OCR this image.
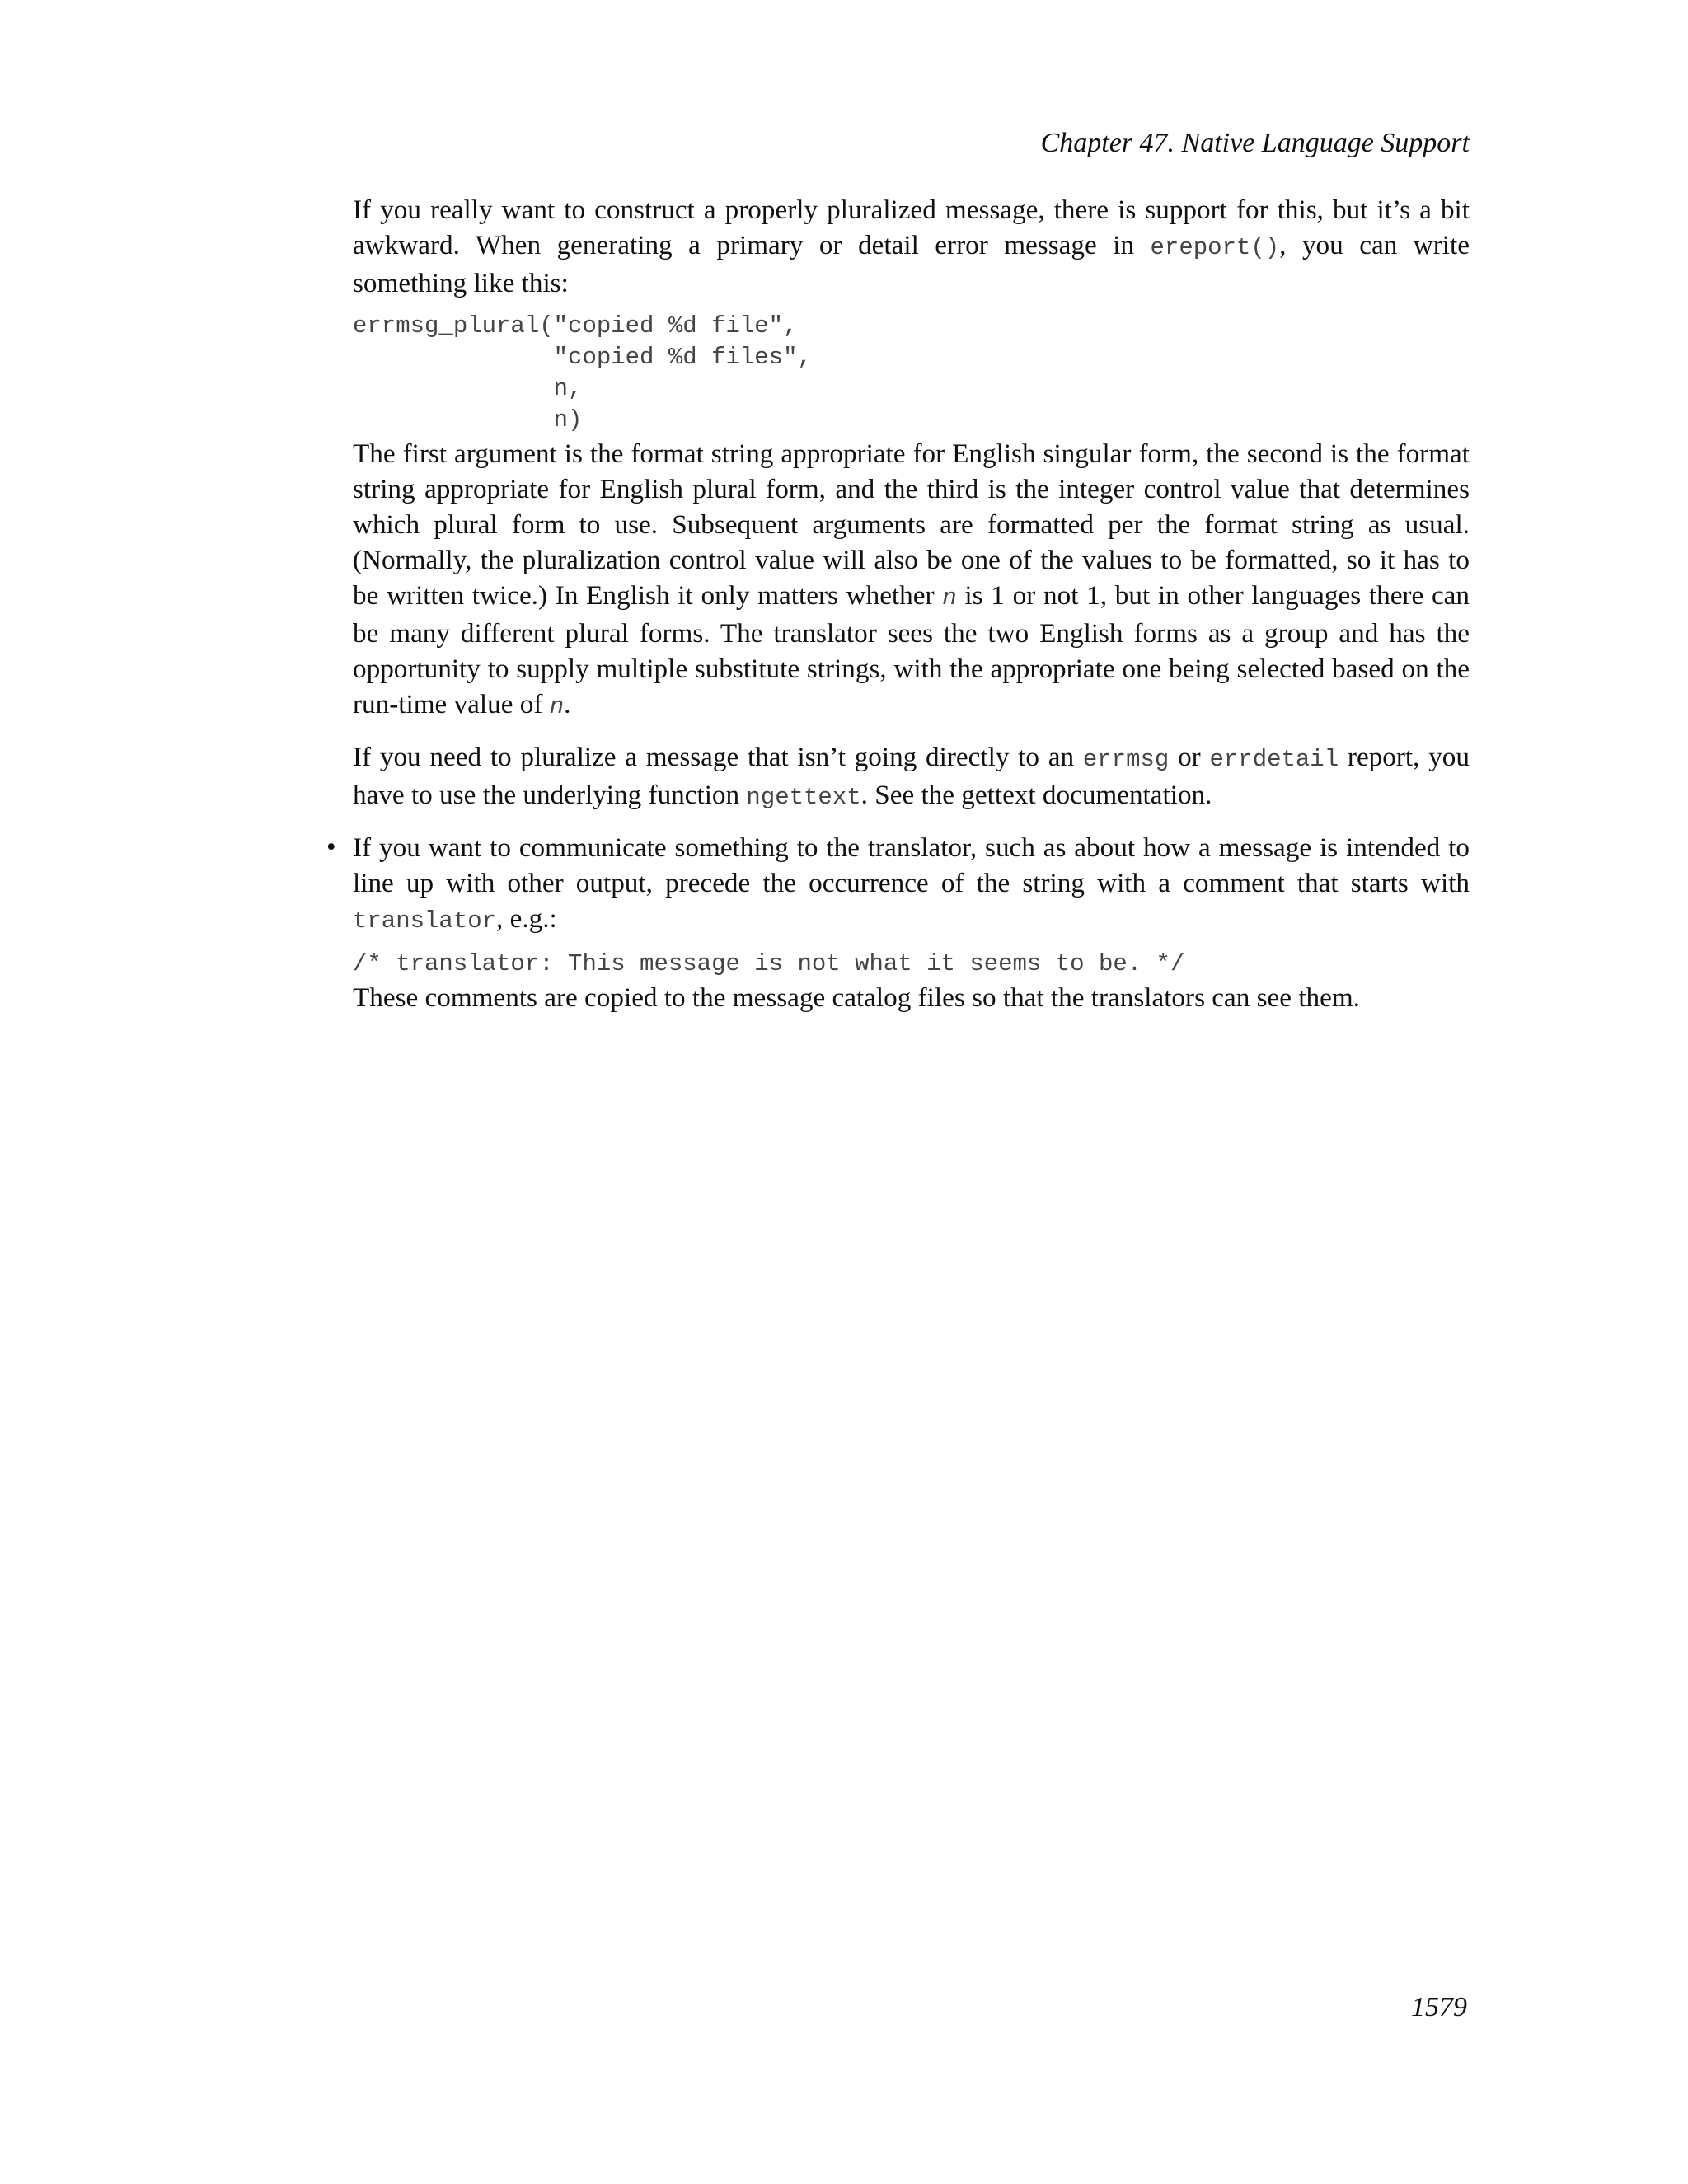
Chapter 47. Native Language Support

If you really want to construct a properly pluralized message, there is support for this, but it’s a bit awkward. When generating a primary or detail error message in ereport(), you can write something like this:

errmsg_plural("copied %d file",
"copied %d files",
n,
n)

The first argument is the format string appropriate for English singular form, the second is the format string appropriate for English plural form, and the third is the integer control value that determines which plural form to use. Subsequent arguments are formatted per the format string as usual. (Normally, the pluralization control value will also be one of the values to be formatted, so it has to be written twice.) In English it only matters whether n is 1 or not 1, but in other languages there can be many different plural forms. The translator sees the two English forms as a group and has the opportunity to supply multiple substitute strings, with the appropriate one being selected based on the run-time value of n.

If you need to pluralize a message that isn’t going directly to an errmsg or errdetail report, you have to use the underlying function ngettext. See the gettext documentation.

• If you want to communicate something to the translator, such as about how a message is intended to line up with other output, precede the occurrence of the string with a comment that starts with translator, e.g.:

/* translator: This message is not what it seems to be. */

These comments are copied to the message catalog files so that the translators can see them.

1579
